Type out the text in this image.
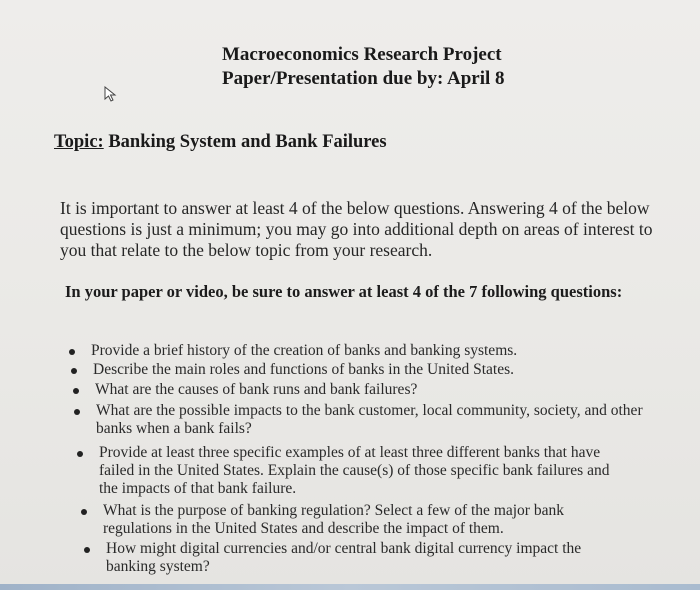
Macroeconomics Research Project
Paper/Presentation due by: April 8
Topic: Banking System and Bank Failures
It is important to answer at least 4 of the below questions. Answering 4 of the below questions is just a minimum; you may go into additional depth on areas of interest to you that relate to the below topic from your research.
In your paper or video, be sure to answer at least 4 of the 7 following questions:
Provide a brief history of the creation of banks and banking systems.
Describe the main roles and functions of banks in the United States.
What are the causes of bank runs and bank failures?
What are the possible impacts to the bank customer, local community, society, and other banks when a bank fails?
Provide at least three specific examples of at least three different banks that have failed in the United States. Explain the cause(s) of those specific bank failures and the impacts of that bank failure.
What is the purpose of banking regulation? Select a few of the major bank regulations in the United States and describe the impact of them.
How might digital currencies and/or central bank digital currency impact the banking system?
